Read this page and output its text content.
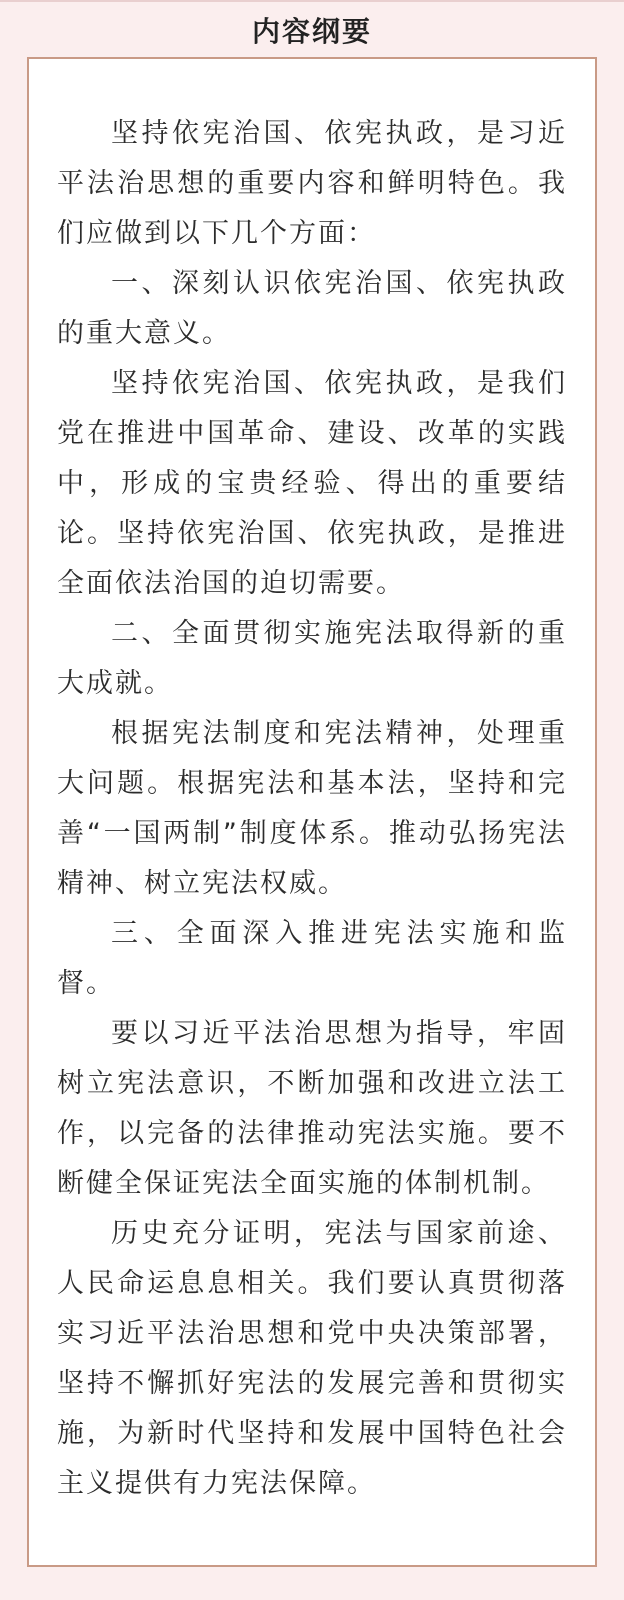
内容纲要

坚持依宪治国、依宪执政，是习近平法治思想的重要内容和鲜明特色。我们应做到以下几个方面：

一、深刻认识依宪治国、依宪执政的重大意义。

坚持依宪治国、依宪执政，是我们党在推进中国革命、建设、改革的实践中，形成的宝贵经验、得出的重要结论。坚持依宪治国、依宪执政，是推进全面依法治国的迫切需要。

二、全面贯彻实施宪法取得新的重大成就。

根据宪法制度和宪法精神，处理重大问题。根据宪法和基本法，坚持和完善“一国两制”制度体系。推动弘扬宪法精神、树立宪法权威。

三、全面深入推进宪法实施和监督。

要以习近平法治思想为指导，牢固树立宪法意识，不断加强和改进立法工作，以完备的法律推动宪法实施。要不断健全保证宪法全面实施的体制机制。

历史充分证明，宪法与国家前途、人民命运息息相关。我们要认真贯彻落实习近平法治思想和党中央决策部署，坚持不懈抓好宪法的发展完善和贯彻实施，为新时代坚持和发展中国特色社会主义提供有力宪法保障。
